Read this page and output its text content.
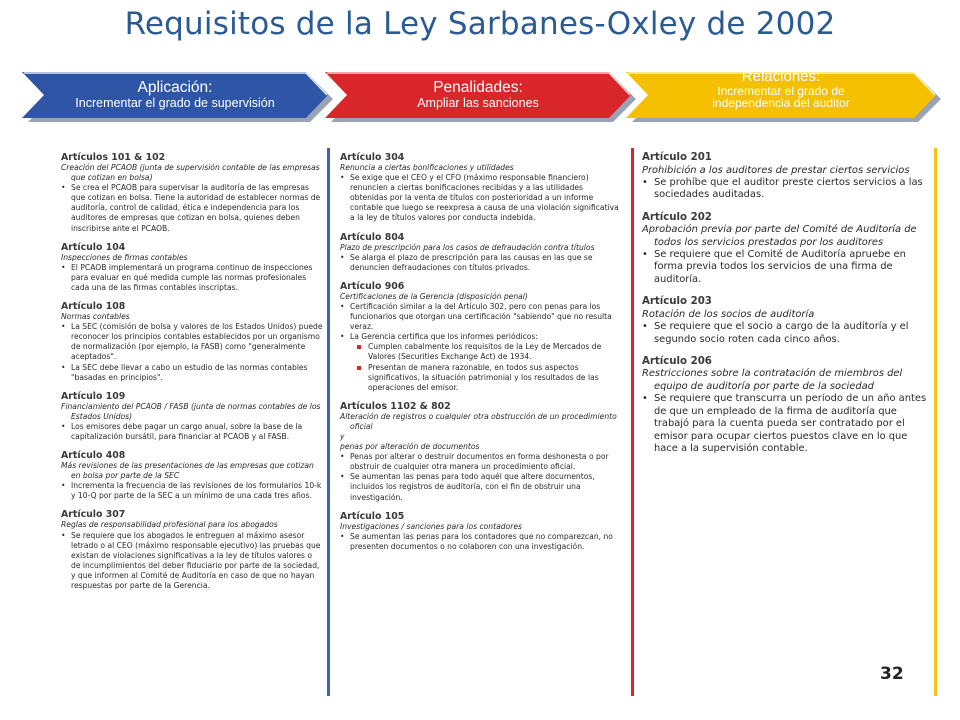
Requisitos de la Ley Sarbanes-Oxley de 2002
Aplicación:
Incrementar el grado de supervisión
Penalidades:
Ampliar las sanciones
Relaciones:
Incrementar el grado de independencia del auditor
Artículos 101 & 102
Creación del PCAOB (junta de supervisión contable de las empresas que cotizan en bolsa)
• Se crea el PCAOB para supervisar la auditoría de las empresas que cotizan en bolsa. Tiene la autoridad de establecer normas de auditoría, control de calidad, ética e independencia para los auditores de empresas que cotizan en bolsa, quienes deben inscribirse ante el PCAOB.
Artículo 104
Inspecciones de firmas contables
• El PCAOB implementará un programa continuo de inspecciones para evaluar en qué medida cumple las normas profesionales cada una de las firmas contables inscriptas.
Artículo 108
Normas contables
• La SEC (comisión de bolsa y valores de los Estados Unidos) puede reconocer los principios contables establecidos por un organismo de normalización (por ejemplo, la FASB) como "generalmente aceptados".
• La SEC debe llevar a cabo un estudio de las normas contables "basadas en principios".
Artículo 109
Financiamiento del PCAOB / FASB (junta de normas contables de los Estados Unidos)
• Los emisores debe pagar un cargo anual, sobre la base de la capitalización bursátil, para financiar al PCAOB y al FASB.
Artículo 408
Más revisiones de las presentaciones de las empresas que cotizan en bolsa por parte de la SEC
• Incrementa la frecuencia de las revisiones de los formularios 10-k y 10-Q por parte de la SEC a un mínimo de una cada tres años.
Artículo 307
Reglas de responsabilidad profesional para los abogados
• Se requiere que los abogados le entreguen al máximo asesor letrado o al CEO (máximo responsable ejecutivo) las pruebas que existan de violaciones significativas a la ley de títulos valores o de incumplimientos del deber fiduciario por parte de la sociedad, y que informen al Comité de Auditoría en caso de que no hayan respuestas por parte de la Gerencia.
Artículo 304
Renuncia a ciertas bonificaciones y utilidades
• Se exige que el CEO y el CFO (máximo responsable financiero) renuncien a ciertas bonificaciones recibidas y a las utilidades obtenidas por la venta de títulos con posterioridad a un informe contable que luego se reexpresa a causa de una violación significativa a la ley de títulos valores por conducta indebida.
Artículo 804
Plazo de prescripción para los casos de defraudación contra títulos
• Se alarga el plazo de prescripción para las causas en las que se denuncien defraudaciones con títulos privados.
Artículo 906
Certificaciones de la Gerencia (disposición penal)
• Certificación similar a la del Artículo 302, pero con penas para los funcionarios que otorgan una certificación "sabiendo" que no resulta veraz.
• La Gerencia certifica que los informes periódicos:
Cumplen cabalmente los requisitos de la Ley de Mercados de Valores (Securities Exchange Act) de 1934.
Presentan de manera razonable, en todos sus aspectos significativos, la situación patrimonial y los resultados de las operaciones del emisor.
Artículos 1102 & 802
Alteración de registros o cualquier otra obstrucción de un procedimiento oficial
y
penas por alteración de documentos
• Penas por alterar o destruir documentos en forma deshonesta o por obstruir de cualquier otra manera un procedimiento oficial.
• Se aumentan las penas para todo aquél que altere documentos, incluidos los registros de auditoría, con el fin de obstruir una investigación.
Artículo 105
Investigaciones / sanciones para los contadores
• Se aumentan las penas para los contadores que no comparezcan, no presenten documentos o no colaboren con una investigación.
Artículo 201
Prohibición a los auditores de prestar ciertos servicios
• Se prohíbe que el auditor preste ciertos servicios a las sociedades auditadas.
Artículo 202
Aprobación previa por parte del Comité de Auditoría de todos los servicios prestados por los auditores
• Se requiere que el Comité de Auditoría apruebe en forma previa todos los servicios de una firma de auditoría.
Artículo 203
Rotación de los socios de auditoría
• Se requiere que el socio a cargo de la auditoría y el segundo socio roten cada cinco años.
Artículo 206
Restricciones sobre la contratación de miembros del equipo de auditoría por parte de la sociedad
• Se requiere que transcurra un período de un año antes de que un empleado de la firma de auditoría que trabajó para la cuenta pueda ser contratado por el emisor para ocupar ciertos puestos clave en lo que hace a la supervisión contable.
32
